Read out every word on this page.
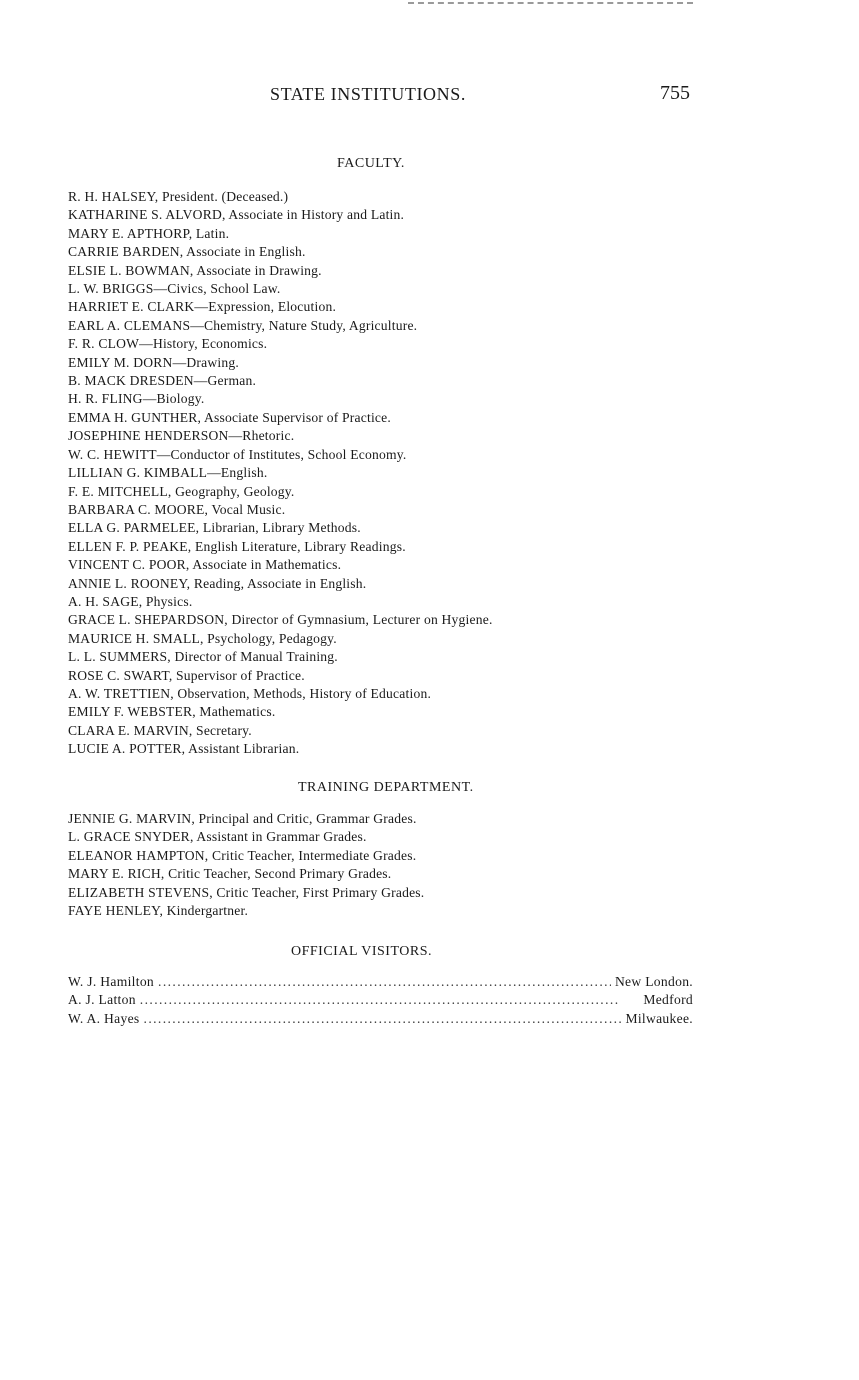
STATE INSTITUTIONS.	755
FACULTY.
R. H. HALSEY, President. (Deceased.)
KATHARINE S. ALVORD, Associate in History and Latin.
MARY E. APTHORP, Latin.
CARRIE BARDEN, Associate in English.
ELSIE L. BOWMAN, Associate in Drawing.
L. W. BRIGGS—Civics, School Law.
HARRIET E. CLARK—Expression, Elocution.
EARL A. CLEMANS—Chemistry, Nature Study, Agriculture.
F. R. CLOW—History, Economics.
EMILY M. DORN—Drawing.
B. MACK DRESDEN—German.
H. R. FLING—Biology.
EMMA H. GUNTHER, Associate Supervisor of Practice.
JOSEPHINE HENDERSON—Rhetoric.
W. C. HEWITT—Conductor of Institutes, School Economy.
LILLIAN G. KIMBALL—English.
F. E. MITCHELL, Geography, Geology.
BARBARA C. MOORE, Vocal Music.
ELLA G. PARMELEE, Librarian, Library Methods.
ELLEN F. P. PEAKE, English Literature, Library Readings.
VINCENT C. POOR, Associate in Mathematics.
ANNIE L. ROONEY, Reading, Associate in English.
A. H. SAGE, Physics.
GRACE L. SHEPARDSON, Director of Gymnasium, Lecturer on Hygiene.
MAURICE H. SMALL, Psychology, Pedagogy.
L. L. SUMMERS, Director of Manual Training.
ROSE C. SWART, Supervisor of Practice.
A. W. TRETTIEN, Observation, Methods, History of Education.
EMILY F. WEBSTER, Mathematics.
CLARA E. MARVIN, Secretary.
LUCIE A. POTTER, Assistant Librarian.
TRAINING DEPARTMENT.
JENNIE G. MARVIN, Principal and Critic, Grammar Grades.
L. GRACE SNYDER, Assistant in Grammar Grades.
ELEANOR HAMPTON, Critic Teacher, Intermediate Grades.
MARY E. RICH, Critic Teacher, Second Primary Grades.
ELIZABETH STEVENS, Critic Teacher, First Primary Grades.
FAYE HENLEY, Kindergartner.
OFFICIAL VISITORS.
W. J. Hamilton . . .	New London.
A. J. Latton . . .	Medford
W. A. Hayes . . .	Milwaukee.
